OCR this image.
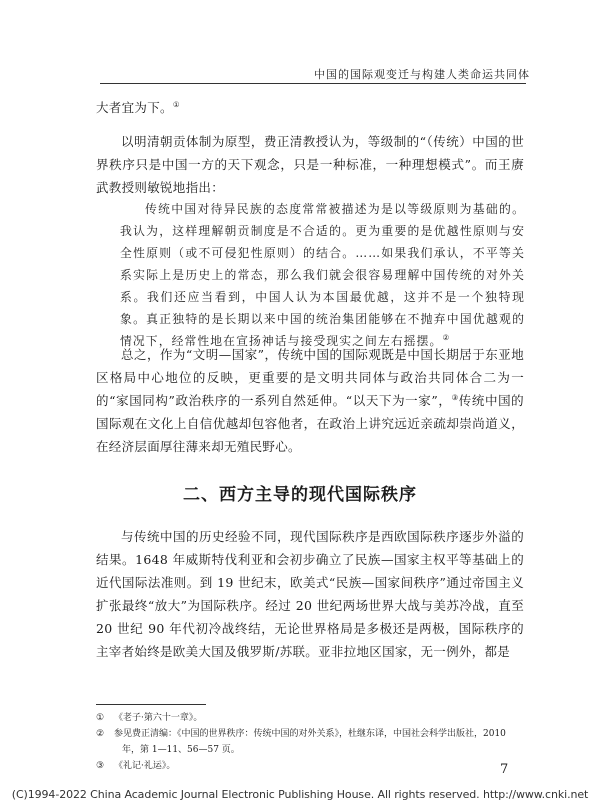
中国的国际观变迁与构建人类命运共同体

大者宜为下。①

以明清朝贡体制为原型，费正清教授认为，等级制的“（传统）中国的世界秩序只是中国一方的天下观念，只是一种标准，一种理想模式”。而王赓武教授则敏锐地指出：

传统中国对待异民族的态度常常被描述为是以等级原则为基础的。我认为，这样理解朝贡制度是不合适的。更为重要的是优越性原则与安全性原则（或不可侵犯性原则）的结合。……如果我们承认，不平等关系实际上是历史上的常态，那么我们就会很容易理解中国传统的对外关系。我们还应当看到，中国人认为本国最优越，这并不是一个独特现象。真正独特的是长期以来中国的统治集团能够在不抛弃中国优越观的情况下，经常性地在宣扬神话与接受现实之间左右摇摆。②

总之，作为“文明—国家”，传统中国的国际观既是中国长期居于东亚地区格局中心地位的反映，更重要的是文明共同体与政治共同体合二为一的“家国同构”政治秩序的一系列自然延伸。“以天下为一家”，③传统中国的国际观在文化上自信优越却包容他者，在政治上讲究远近亲疏却崇尚道义，在经济层面厚往薄来却无殖民野心。

二、西方主导的现代国际秩序

与传统中国的历史经验不同，现代国际秩序是西欧国际秩序逐步外溢的结果。1648 年威斯特伐利亚和会初步确立了民族—国家主权平等基础上的近代国际法准则。到 19 世纪末，欧美式“民族—国家间秩序”通过帝国主义扩张最终“放大”为国际秩序。经过 20 世纪两场世界大战与美苏冷战，直至 20 世纪 90 年代初冷战终结，无论世界格局是多极还是两极，国际秩序的主宰者始终是欧美大国及俄罗斯/苏联。亚非拉地区国家，无一例外，都是

① 《老子·第六十一章》。

② 参见费正清编：《中国的世界秩序：传统中国的对外关系》，杜继东译，中国社会科学出版社，2010 年，第 1—11、56—57 页。

③ 《礼记·礼运》。	7
(C)1994-2022 China Academic Journal Electronic Publishing House. All rights reserved. http://www.cnki.net
